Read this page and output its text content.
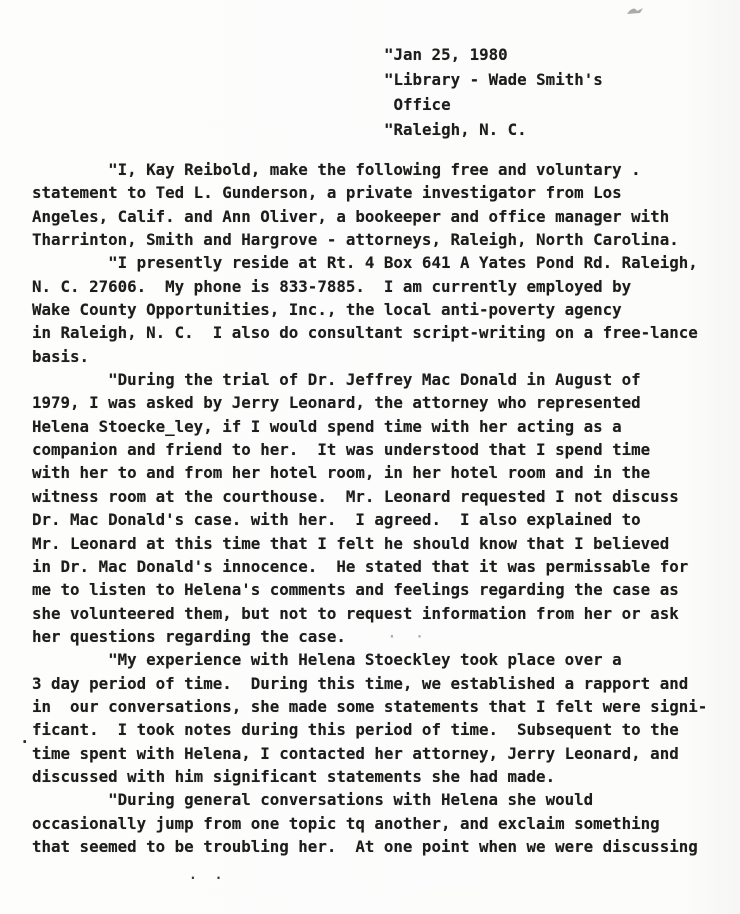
"Jan 25, 1980
"Library - Wade Smith's
Office
"Raleigh, N. C.
"I, Kay Reibold, make the following free and voluntary .
statement to Ted L. Gunderson, a private investigator from Los
Angeles, Calif. and Ann Oliver, a bookeeper and office manager with
Tharrinton, Smith and Hargrove - attorneys, Raleigh, North Carolina.
"I presently reside at Rt. 4 Box 641 A Yates Pond Rd. Raleigh,
N. C. 27606.  My phone is 833-7885.  I am currently employed by
Wake County Opportunities, Inc., the local anti-poverty agency
in Raleigh, N. C.  I also do consultant script-writing on a free-lance
basis.
"During the trial of Dr. Jeffrey Mac Donald in August of
1979, I was asked by Jerry Leonard, the attorney who represented
Helena Stoecke̲ley, if I would spend time with her acting as a
companion and friend to her.  It was understood that I spend time
with her to and from her hotel room, in her hotel room and in the
witness room at the courthouse.  Mr. Leonard requested I not discuss
Dr. Mac Donald's case. with her.  I agreed.  I also explained to
Mr. Leonard at this time that I felt he should know that I believed
in Dr. Mac Donald's innocence.  He stated that it was permissable for
me to listen to Helena's comments and feelings regarding the case as
she volunteered them, but not to request information from her or ask
her questions regarding the case.
"My experience with Helena Stoeckley took place over a
3 day period of time.  During this time, we established a rapport and
in  our conversations, she made some statements that I felt were signi-
ficant.  I took notes during this period of time.  Subsequent to the
time spent with Helena, I contacted her attorney, Jerry Leonard, and
discussed with him significant statements she had made.
"During general conversations with Helena she would
occasionally jump from one topic tq another, and exclaim something
that seemed to be troubling her.  At one point when we were discussing
.
· ·
. .
